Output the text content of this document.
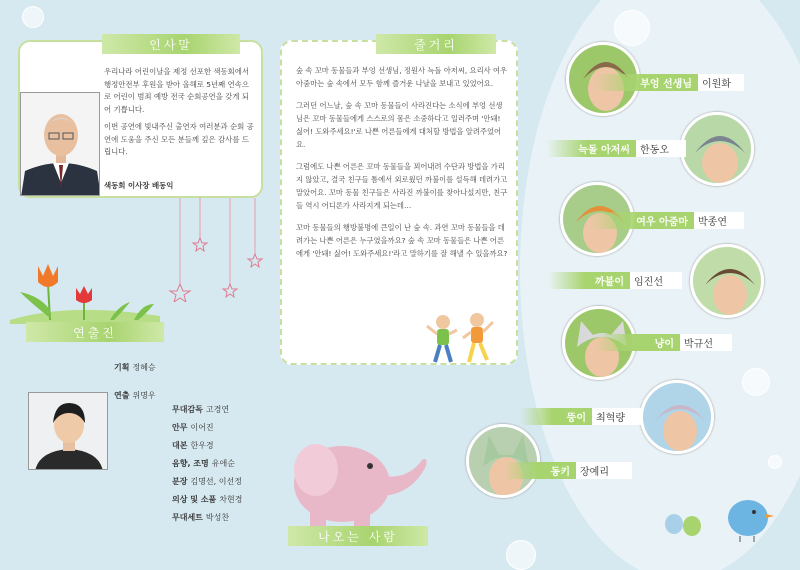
인사말

우리나라 어린이날을 제정 선포한 색동회에서 행정안전부 후원을 받아 올해로 5년째 연속으로 어린이 범죄 예방 전국 순회공연을 갖게 되어 기쁩니다.

이번 공연에 빛내주신 출연자 여러분과 순회 공연에 도움을 주신 모든 분들께 깊은 감사를 드립니다.

색동회 이사장 배동익
줄거리

숲 속 꼬마 동물들과 부엉 선생님, 정원사 늑돌 아저씨, 요리사 여우 아줌마는 숲 속에서 모두 함께 즐거운 나날을 보내고 있었어요.

그러던 어느날, 숲 속 꼬마 동물들이 사라진다는 소식에 부엉 선생님은 꼬마 동물들에게 스스로의 몸은 소중하다고 일러주며 '안돼! 싫어! 도와주세요!'로 나쁜 어른들에게 대처할 방법을 알려주었어요.

그럼에도 나쁜 어른은 꼬마 동물들을 꾀어내려 수단과 방법을 가리지 않았고, 결국 친구들 틈에서 외로웠던 까불이를 설득해 데려가고 말았어요. 꼬마 동물 친구들은 사라진 까불이를 찾아나섰지만, 친구들 역시 어디론가 사라지게 되는데…

꼬마 동물들의 행방불명에 큰일이 난 숲 속. 과연 꼬마 동물들을 데려가는 나쁜 어른은 누구였을까요? 숲 속 꼬마 동물들은 나쁜 어른에게 '안돼! 싫어! 도와주세요!'라고 말하기를 잘 해낼 수 있을까요?

연출진
기획 정혜승
연출 위명우
무대감독 고경연
안무 이어진
대본 한우경
음향, 조명 유애순
분장 김명선, 이선정
의상 및 소품 차현경
무대세트 박성찬
나오는 사람
부엉 선생님	이원화
늑돌 아저씨	한동오
여우 아줌마	박종연
까불이	임진선
냥이	박규선
뚱이	최혁량
동키	장예리
